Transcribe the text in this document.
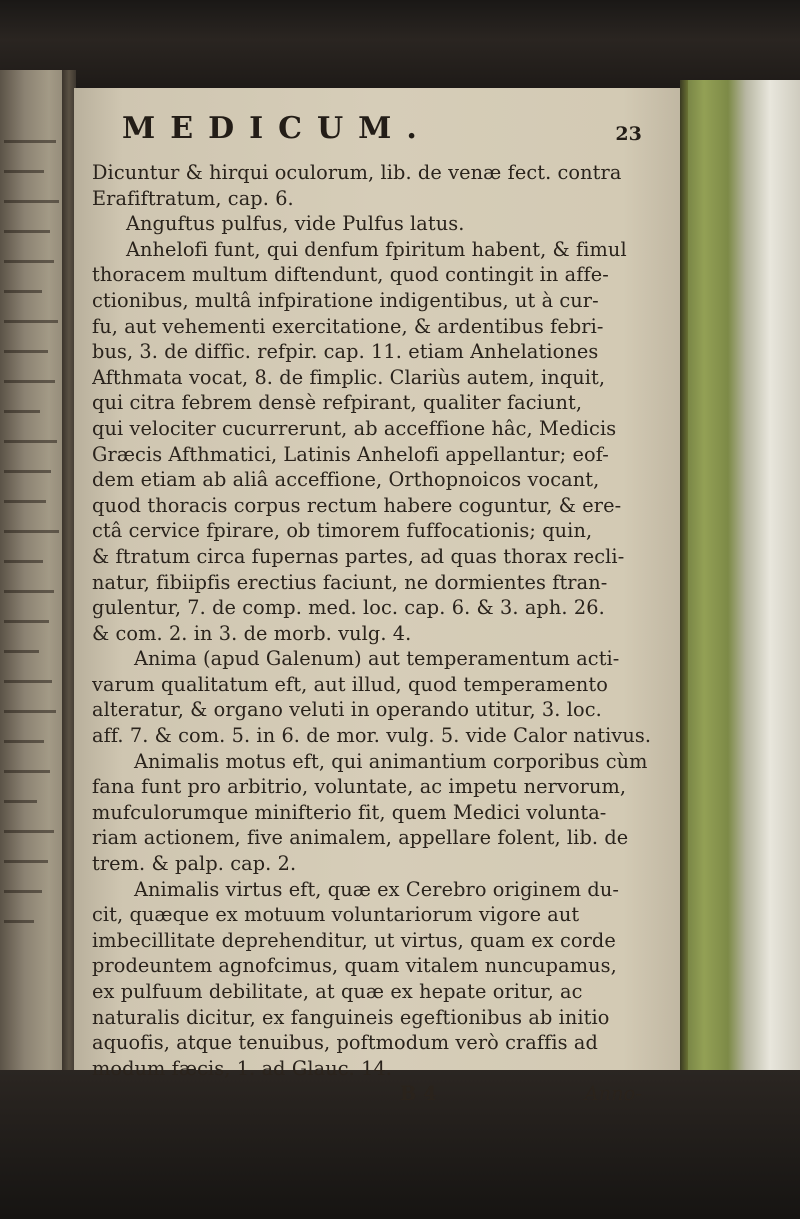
MEDICUM.	23
Dicuntur & hirqui oculorum, lib. de venæ fect. contra
Erafiftratum, cap. 6.
Anguftus pulfus, vide Pulfus latus.
Anhelofi funt, qui denfum fpiritum habent, & fimul
thoracem multum diftendunt, quod contingit in affe-
ctionibus, multâ infpiratione indigentibus, ut à cur-
fu, aut vehementi exercitatione, & ardentibus febri-
bus, 3. de diffic. refpir. cap. 11. etiam Anhelationes
Afthmata vocat, 8. de fimplic. Clariùs autem, inquit,
qui citra febrem densè refpirant, qualiter faciunt,
qui velociter cucurrerunt, ab acceffione hâc, Medicis
Græcis Afthmatici, Latinis Anhelofi appellantur; eof-
dem etiam ab aliâ acceffione, Orthopnoicos vocant,
quod thoracis corpus rectum habere coguntur, & ere-
ctâ cervice fpirare, ob timorem fuffocationis; quin,
& ftratum circa fupernas partes, ad quas thorax recli-
natur, fibiipfis erectius faciunt, ne dormientes ftran-
gulentur, 7. de comp. med. loc. cap. 6. & 3. aph. 26.
& com. 2. in 3. de morb. vulg. 4.
Anima (apud Galenum) aut temperamentum acti-
varum qualitatum eft, aut illud, quod temperamento
alteratur, & organo veluti in operando utitur, 3. loc.
aff. 7. & com. 5. in 6. de mor. vulg. 5. vide Calor nativus.
Animalis motus eft, qui animantium corporibus cùm
fana funt pro arbitrio, voluntate, ac impetu nervorum,
mufculorumque minifterio fit, quem Medici volunta-
riam actionem, five animalem, appellare folent, lib. de
trem. & palp. cap. 2.
Animalis virtus eft, quæ ex Cerebro originem du-
cit, quæque ex motuum voluntariorum vigore aut
imbecillitate deprehenditur, ut virtus, quam ex corde
prodeuntem agnofcimus, quam vitalem nuncupamus,
ex pulfuum debilitate, at quæ ex hepate oritur, ac
naturalis dicitur, ex fanguineis egeftionibus ab initio
aquofis, atque tenuibus, poftmodum verò craffis ad
modum fæcis, 1. ad Glauc. 14.
B 4	Anno-
